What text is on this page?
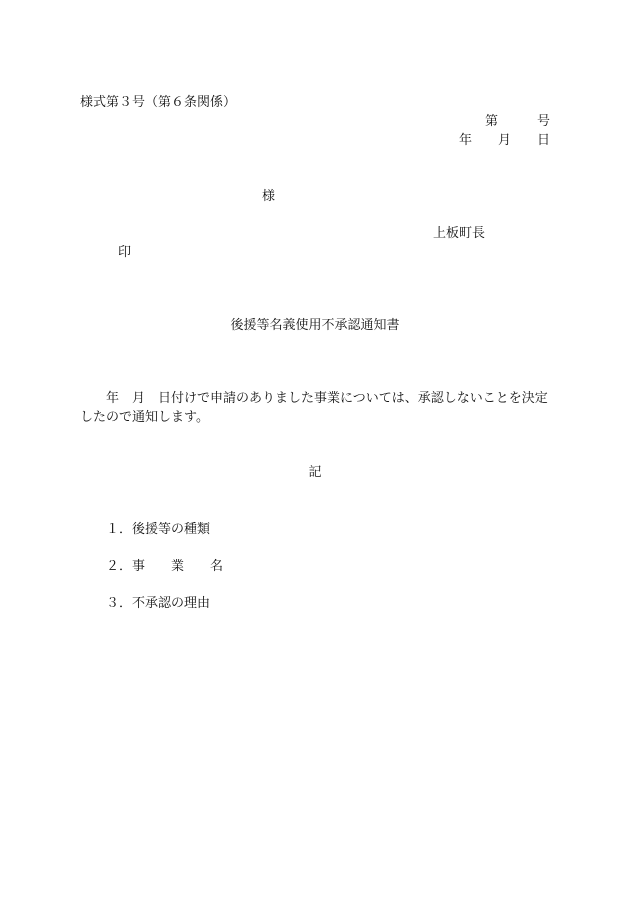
様式第３号（第６条関係）
第　　　号
年　　月　　日
様
上板町長
印
後援等名義使用不承認通知書
　　年　月　日付けで申請のありました事業については、承認しないことを決定
したので通知します。
記
１．後援等の種類
２．事　　業　　名
３．不承認の理由
